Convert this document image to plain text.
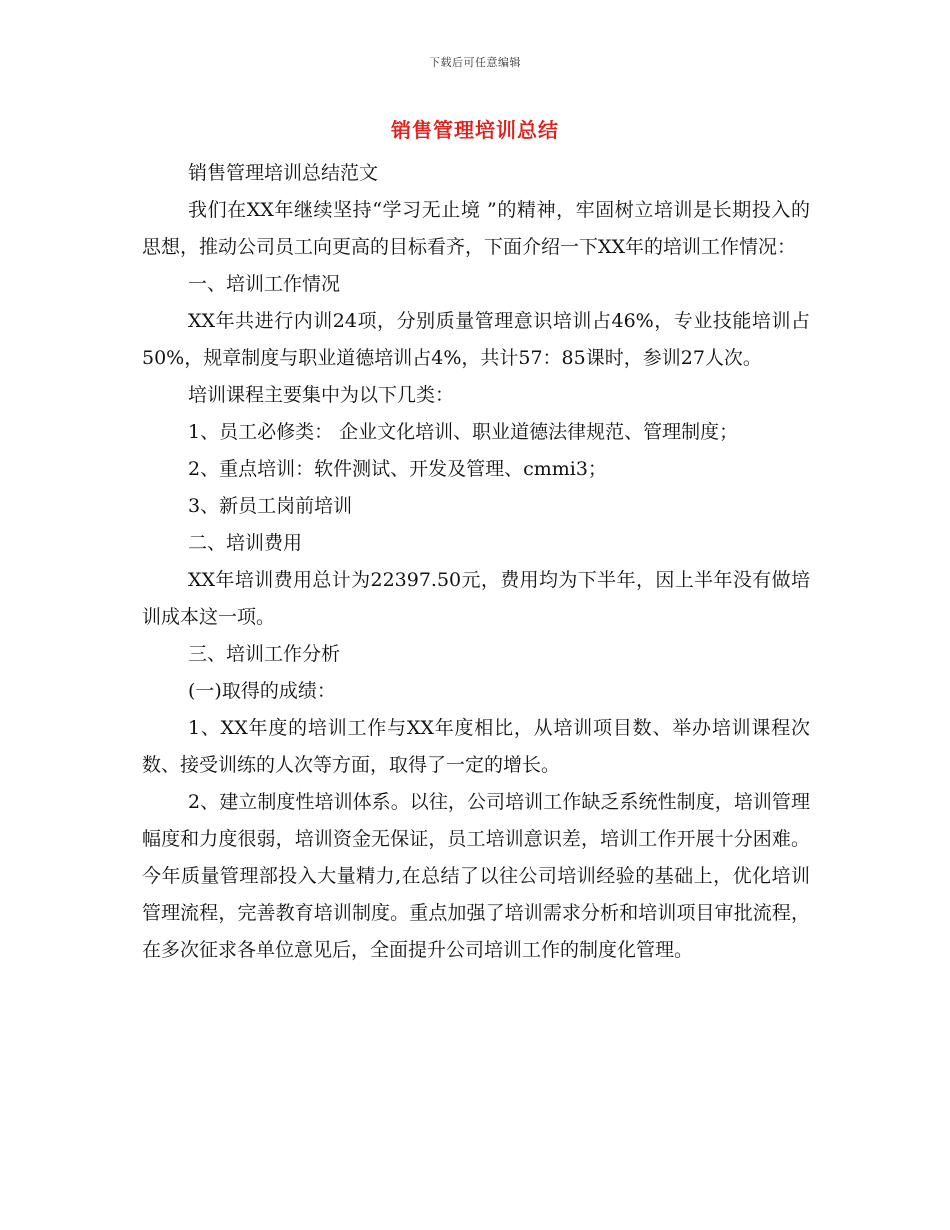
下载后可任意编辑
销售管理培训总结

销售管理培训总结范文

我们在XX年继续坚持“学习无止境 ”的精神，牢固树立培训是长期投入的思想，推动公司员工向更高的目标看齐，下面介绍一下XX年的培训工作情况：

一、培训工作情况

XX年共进行内训24项，分别质量管理意识培训占46%，专业技能培训占50%，规章制度与职业道德培训占4%，共计57：85课时，参训27人次。

培训课程主要集中为以下几类：

1、员工必修类： 企业文化培训、职业道德法律规范、管理制度；

2、重点培训：软件测试、开发及管理、cmmi3；

3、新员工岗前培训

二、培训费用

XX年培训费用总计为22397.50元，费用均为下半年，因上半年没有做培训成本这一项。

三、培训工作分析

(一)取得的成绩：

1、XX年度的培训工作与XX年度相比，从培训项目数、举办培训课程次数、接受训练的人次等方面，取得了一定的增长。

2、建立制度性培训体系。以往，公司培训工作缺乏系统性制度，培训管理幅度和力度很弱，培训资金无保证，员工培训意识差，培训工作开展十分困难。今年质量管理部投入大量精力,在总结了以往公司培训经验的基础上，优化培训管理流程，完善教育培训制度。重点加强了培训需求分析和培训项目审批流程，在多次征求各单位意见后，全面提升公司培训工作的制度化管理。
